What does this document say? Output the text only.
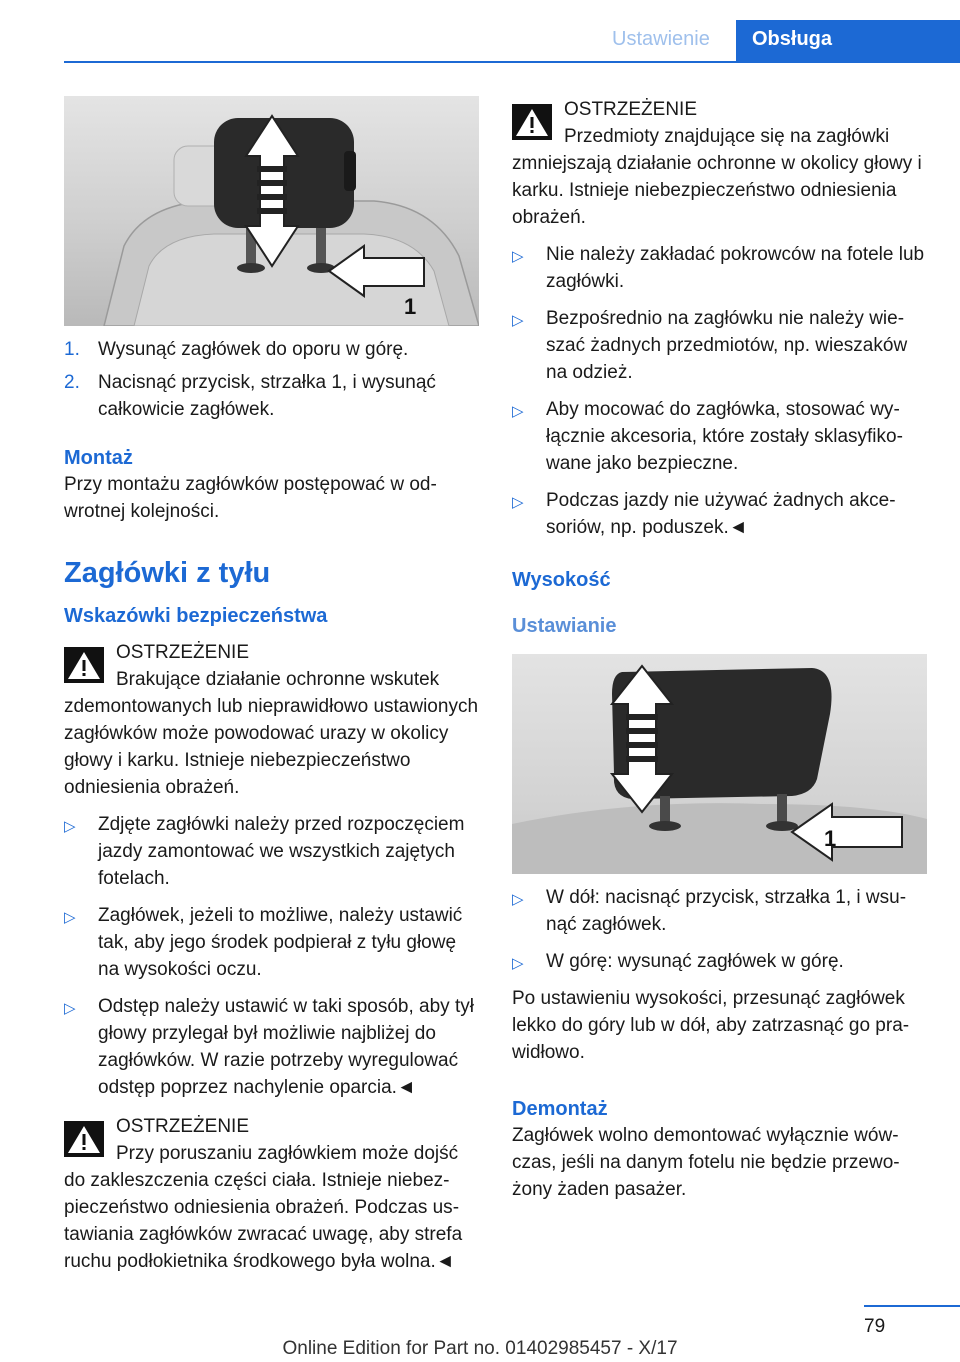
Ustawienie	Obsługa
1
1. Wysunąć zagłówek do oporu w górę.
2. Nacisnąć przycisk, strzałka 1, i wysunąć całkowicie zagłówek.
Montaż

Przy montażu zagłówków postępować w odwrotnej kolejności.

Zagłówki z tyłu
Wskazówki bezpieczeństwa
OSTRZEŻENIE
Brakujące działanie ochronne wskutek zdemontowanych lub nieprawidłowo ustawionych zagłówków może powodować urazy w okolicy głowy i karku. Istnieje niebezpieczeństwo odniesienia obrażeń.
▷	Zdjęte zagłówki należy przed rozpoczęciem jazdy zamontować we wszystkich zajętych fotelach.
▷	Zagłówek, jeżeli to możliwe, należy ustawić tak, aby jego środek podpierał z tyłu głowę na wysokości oczu.
▷	Odstęp należy ustawić w taki sposób, aby tył głowy przylegał był możliwie najbliżej do zagłówków. W razie potrzeby wyregulować odstęp poprzez nachylenie oparcia.◄
OSTRZEŻENIE
Przy poruszaniu zagłówkiem może dojść do zakleszczenia części ciała. Istnieje niebezpieczeństwo odniesienia obrażeń. Podczas ustawiania zagłówków zwracać uwagę, aby strefa ruchu podłokietnika środkowego była wolna.◄
OSTRZEŻENIE
Przedmioty znajdujące się na zagłówki zmniejszają działanie ochronne w okolicy głowy i karku. Istnieje niebezpieczeństwo odniesienia obrażeń.
▷	Nie należy zakładać pokrowców na fotele lub zagłówki.
▷	Bezpośrednio na zagłówku nie należy wieszać żadnych przedmiotów, np. wieszaków na odzież.
▷	Aby mocować do zagłówka, stosować wyłącznie akcesoria, które zostały sklasyfikowane jako bezpieczne.
▷	Podczas jazdy nie używać żadnych akcesoriów, np. poduszek.◄
Wysokość
Ustawianie
1
▷	W dół: nacisnąć przycisk, strzałka 1, i wsunąć zagłówek.
▷	W górę: wysunąć zagłówek w górę.

Po ustawieniu wysokości, przesunąć zagłówek lekko do góry lub w dół, aby zatrzasnąć go prawidłowo.

Demontaż

Zagłówek wolno demontować wyłącznie wówczas, jeśli na danym fotelu nie będzie przewożony żaden pasażer.

79
Online Edition for Part no. 01402985457 - X/17
